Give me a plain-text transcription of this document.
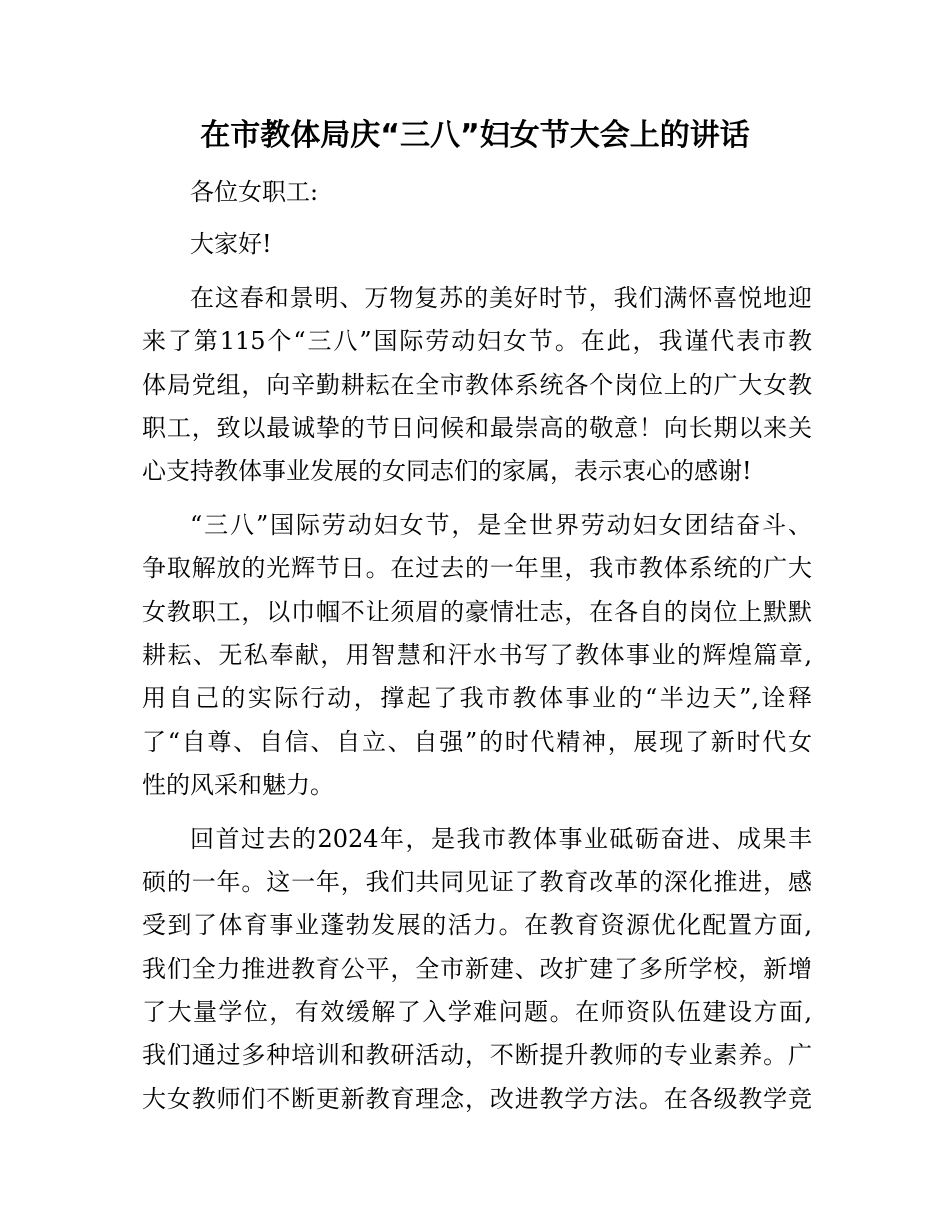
在市教体局庆“三八”妇女节大会上的讲话

各位女职工:

大家好!

在这春和景明、万物复苏的美好时节，我们满怀喜悦地迎

来了第115个“三八”国际劳动妇女节。在此，我谨代表市教

体局党组，向辛勤耕耘在全市教体系统各个岗位上的广大女教

职工，致以最诚挚的节日问候和最崇高的敬意！向长期以来关

心支持教体事业发展的女同志们的家属，表示衷心的感谢!

“三八”国际劳动妇女节，是全世界劳动妇女团结奋斗、

争取解放的光辉节日。在过去的一年里，我市教体系统的广大

女教职工，以巾帼不让须眉的豪情壮志，在各自的岗位上默默

耕耘、无私奉献，用智慧和汗水书写了教体事业的辉煌篇章,

用自己的实际行动，撑起了我市教体事业的“半边天”,诠释

了“自尊、自信、自立、自强”的时代精神，展现了新时代女

性的风采和魅力。

回首过去的2024年，是我市教体事业砥砺奋进、成果丰

硕的一年。这一年，我们共同见证了教育改革的深化推进，感

受到了体育事业蓬勃发展的活力。在教育资源优化配置方面,

我们全力推进教育公平，全市新建、改扩建了多所学校，新增

了大量学位，有效缓解了入学难问题。在师资队伍建设方面,

我们通过多种培训和教研活动，不断提升教师的专业素养。广

大女教师们不断更新教育理念，改进教学方法。在各级教学竞
